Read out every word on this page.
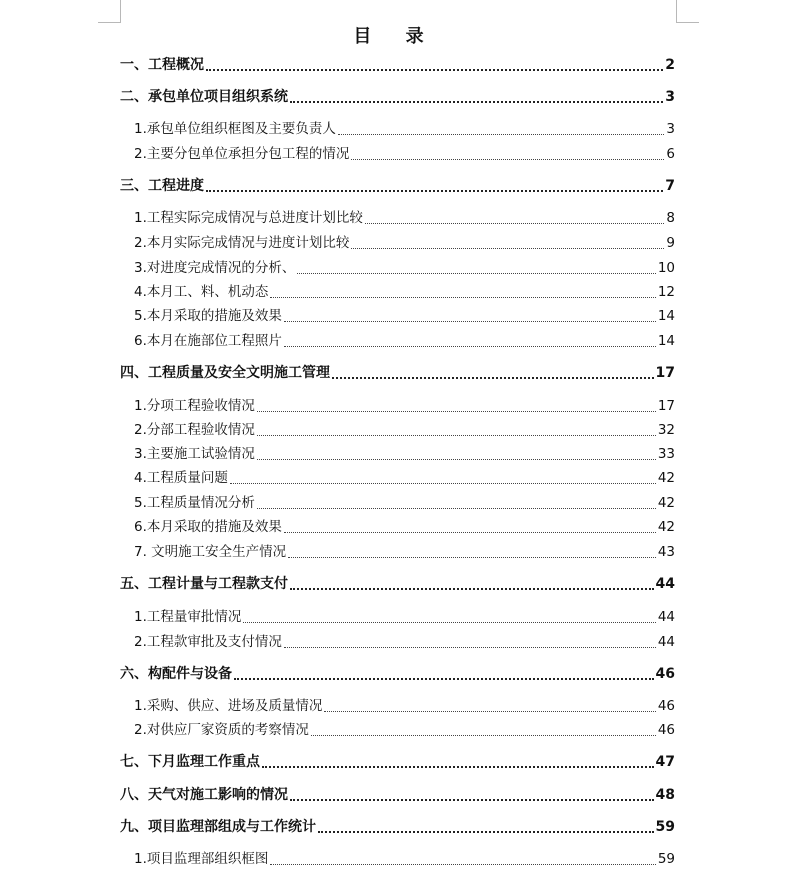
目 录
一、工程概况	2
二、承包单位项目组织系统	3
1.承包单位组织框图及主要负责人	3
2.主要分包单位承担分包工程的情况	6
三、工程进度	7
1.工程实际完成情况与总进度计划比较	8
2.本月实际完成情况与进度计划比较	9
3.对进度完成情况的分析、	10
4.本月工、料、机动态	12
5.本月采取的措施及效果	14
6.本月在施部位工程照片	14
四、工程质量及安全文明施工管理	17
1.分项工程验收情况	17
2.分部工程验收情况	32
3.主要施工试验情况	33
4.工程质量问题	42
5.工程质量情况分析	42
6.本月采取的措施及效果	42
7. 文明施工安全生产情况	43
五、工程计量与工程款支付	44
1.工程量审批情况	44
2.工程款审批及支付情况	44
六、构配件与设备	46
1.采购、供应、进场及质量情况	46
2.对供应厂家资质的考察情况	46
七、下月监理工作重点	47
八、天气对施工影响的情况	48
九、项目监理部组成与工作统计	59
1.项目监理部组织框图	59
